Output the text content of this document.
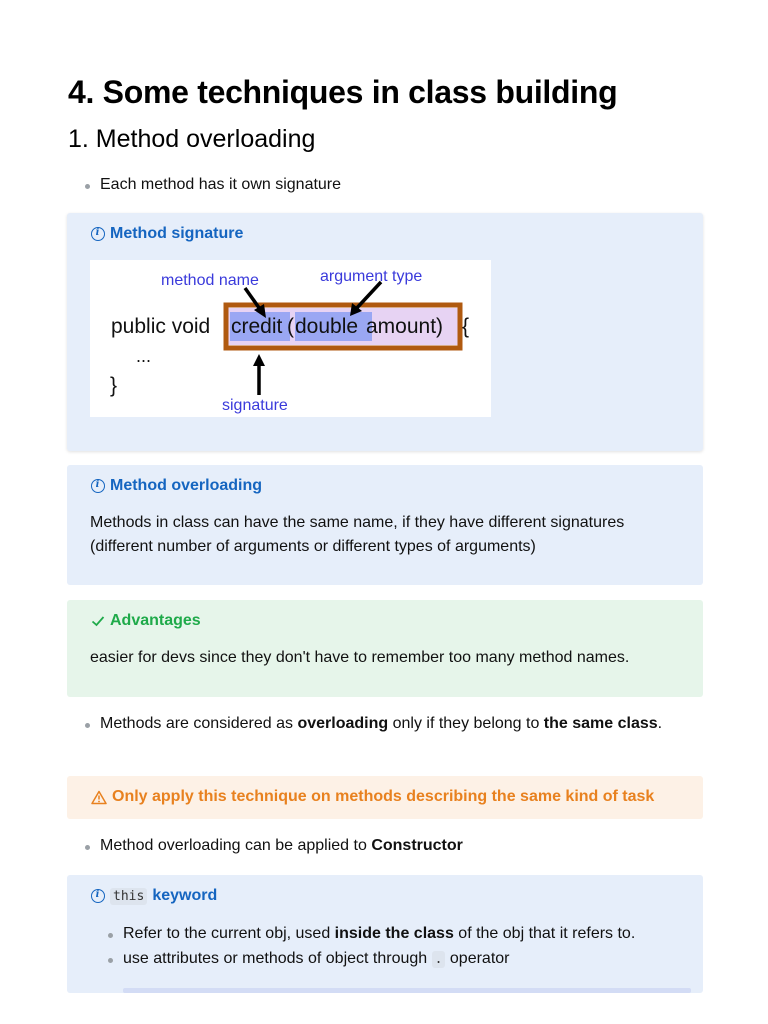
4. Some techniques in class building
1. Method overloading
Each method has it own signature
i
Method signature
public void credit ( double amount) {
...
}
method name	argument type
signature
i
Method overloading
Methods in class can have the same name, if they have different signatures (different number of arguments or different types of arguments)
Advantages
easier for devs since they don't have to remember too many method names.
Methods are considered as overloading only if they belong to the same class.
Only apply this technique on methods describing the same kind of task
Method overloading can be applied to Constructor
i
this keyword
Refer to the current obj, used inside the class of the obj that it refers to.
use attributes or methods of object through . operator
